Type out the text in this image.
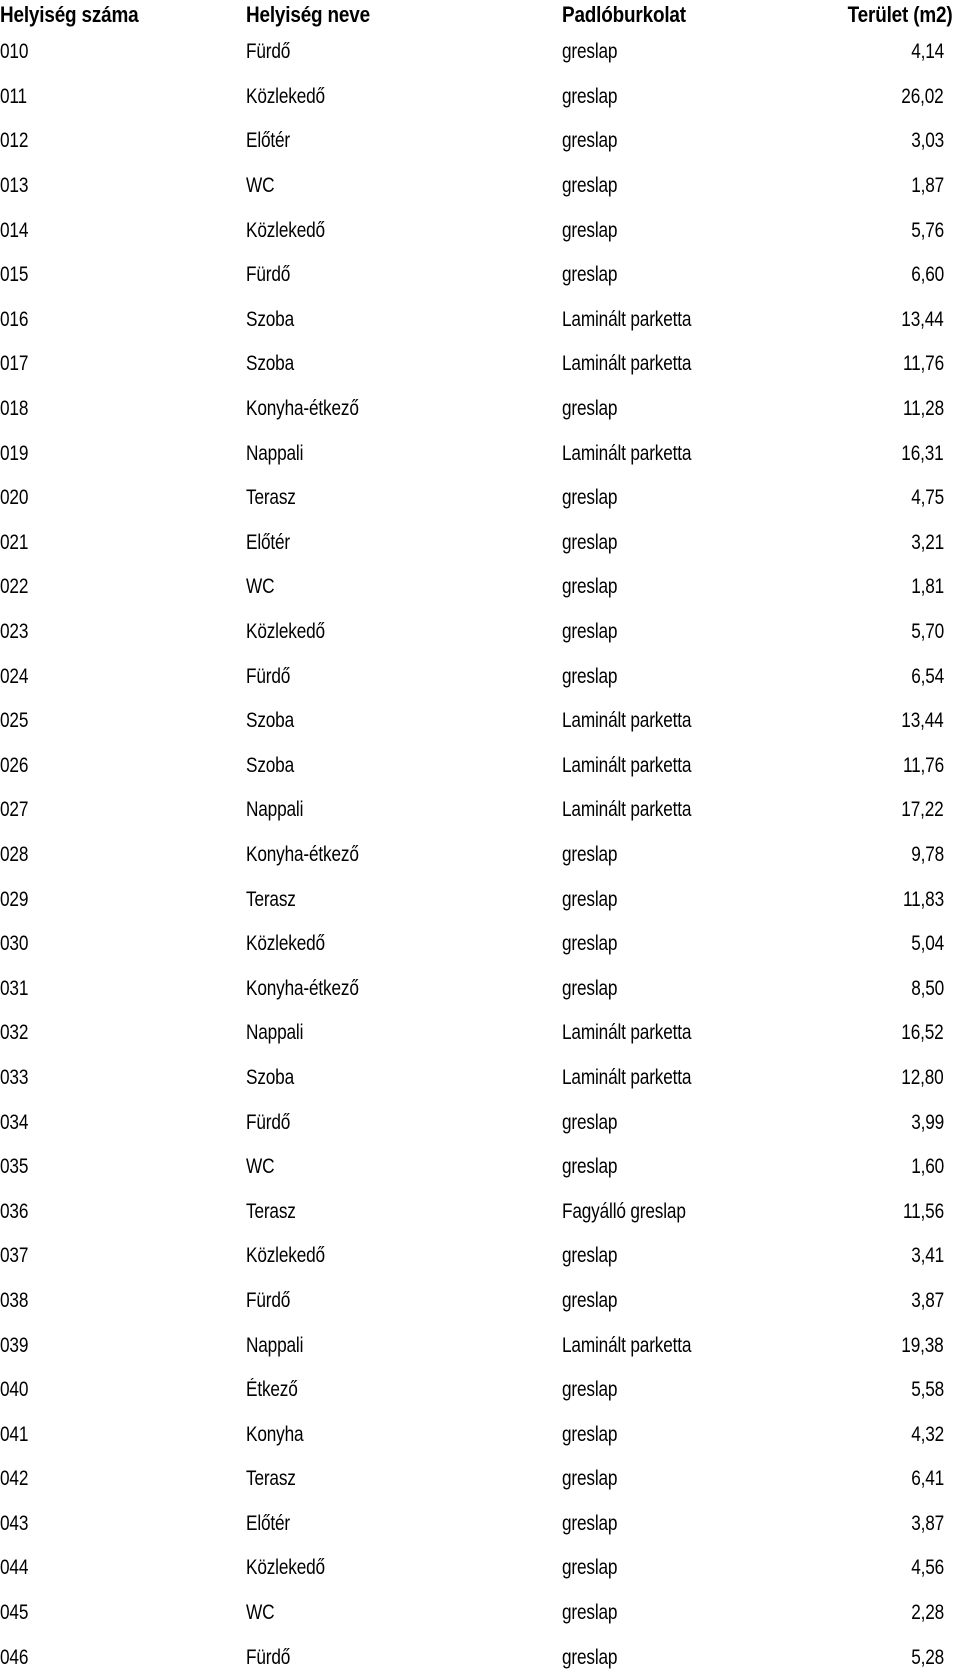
Helyiség száma	Helyiség neve	Padlóburkolat	Terület (m2)
010	Fürdő	greslap	4,14
011	Közlekedő	greslap	26,02
012	Előtér	greslap	3,03
013	WC	greslap	1,87
014	Közlekedő	greslap	5,76
015	Fürdő	greslap	6,60
016	Szoba	Laminált parketta	13,44
017	Szoba	Laminált parketta	11,76
018	Konyha-étkező	greslap	11,28
019	Nappali	Laminált parketta	16,31
020	Terasz	greslap	4,75
021	Előtér	greslap	3,21
022	WC	greslap	1,81
023	Közlekedő	greslap	5,70
024	Fürdő	greslap	6,54
025	Szoba	Laminált parketta	13,44
026	Szoba	Laminált parketta	11,76
027	Nappali	Laminált parketta	17,22
028	Konyha-étkező	greslap	9,78
029	Terasz	greslap	11,83
030	Közlekedő	greslap	5,04
031	Konyha-étkező	greslap	8,50
032	Nappali	Laminált parketta	16,52
033	Szoba	Laminált parketta	12,80
034	Fürdő	greslap	3,99
035	WC	greslap	1,60
036	Terasz	Fagyálló greslap	11,56
037	Közlekedő	greslap	3,41
038	Fürdő	greslap	3,87
039	Nappali	Laminált parketta	19,38
040	Étkező	greslap	5,58
041	Konyha	greslap	4,32
042	Terasz	greslap	6,41
043	Előtér	greslap	3,87
044	Közlekedő	greslap	4,56
045	WC	greslap	2,28
046	Fürdő	greslap	5,28
